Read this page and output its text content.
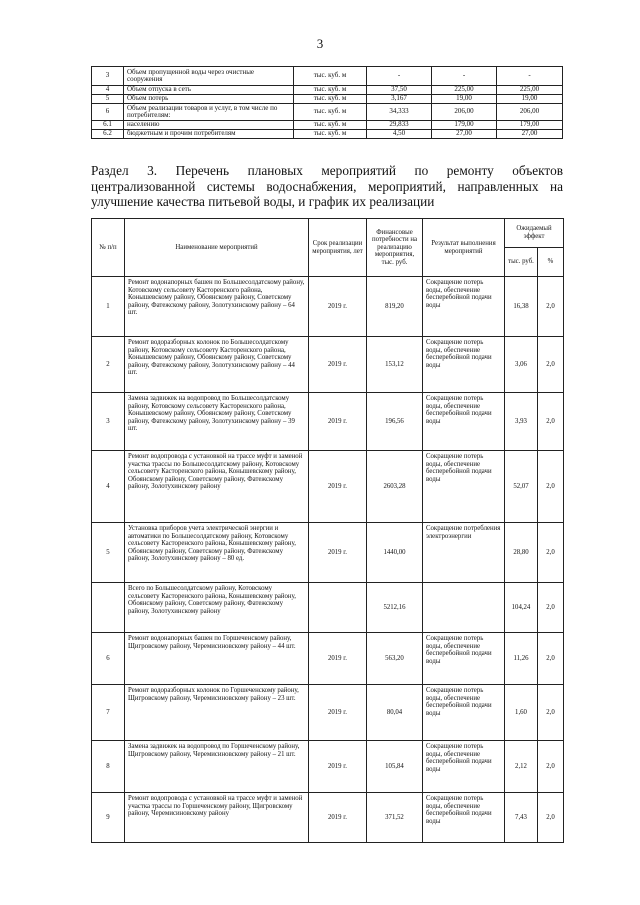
3
3	Объем пропущенной воды через очистные сооружения	тыс. куб. м	-	-	-
4	Объем отпуска в сеть	тыс. куб. м	37,50	225,00	225,00
5	Объем потерь	тыс. куб. м	3,167	19,00	19,00
6	Объем реализации товаров и услуг, в том числе по потребителям:	тыс. куб. м	34,333	206,00	206,00
6.1	населению	тыс. куб. м	29,833	179,00	179,00
6.2	бюджетным и прочим потребителям	тыс. куб. м	4,50	27,00	27,00
Раздел 3. Перечень плановых мероприятий по ремонту объектов
централизованной системы водоснабжения, мероприятий, направленных на
улучшение качества питьевой воды, и график их реализации
№ п/п	Наименование мероприятий	Срок реализации мероприятия, лет	Финансовые потребности на реализацию мероприятия, тыс. руб.	Результат выполнения мероприятий	Ожидаемый эффект	
					тыс. руб.	%
1	Ремонт водонапорных башен по Большесолдатскому району, Котовскому сельсовету Касторенского района, Конышевскому району, Обоянскому району, Советскому району, Фатежскому району, Золотухинскому району – 64 шт.	2019 г.	819,20	Сокращение потерь воды, обеспечение бесперебойной подачи воды	16,38	2,0
2	Ремонт водоразборных колонок по Большесолдатскому району, Котовскому сельсовету Касторенского района, Конышевскому району, Обоянскому району, Советскому району, Фатежскому району, Золотухинскому району – 44 шт.	2019 г.	153,12	Сокращение потерь воды, обеспечение бесперебойной подачи воды	3,06	2,0
3	Замена задвижек на водопровод по Большесолдатскому району, Котовскому сельсовету Касторенского района, Конышевскому району, Обоянскому району, Советскому району, Фатежскому району, Золотухинскому району – 39 шт.	2019 г.	196,56	Сокращение потерь воды, обеспечение бесперебойной подачи воды	3,93	2,0
4	Ремонт водопровода с установкой на трассе муфт и заменой участка трассы по Большесолдатскому району, Котовскому сельсовету Касторенского района, Конышевскому району, Обоянскому району, Советскому району, Фатежскому району, Золотухинскому району	2019 г.	2603,28	Сокращение потерь воды, обеспечение бесперебойной подачи воды	52,07	2,0
5	Установка приборов учета электрической энергии и автоматики по Большесолдатскому району, Котовскому сельсовету Касторенского района, Конышевскому району, Обоянскому району, Советскому району, Фатежскому району, Золотухинскому району – 80 ед.	2019 г.	1440,00	Сокращение потребления электроэнергии	28,80	2,0
	Всего по Большесолдатскому району, Котовскому сельсовету Касторенского района, Конышевскому району, Обоянскому району, Советскому району, Фатежскому району, Золотухинскому району		5212,16		104,24	2,0
6	Ремонт водонапорных башен по Горшеченскому району, Щигровскому району, Черемисиновскому району – 44 шт.	2019 г.	563,20	Сокращение потерь воды, обеспечение бесперебойной подачи воды	11,26	2,0
7	Ремонт водоразборных колонок по Горшеченскому району, Щигровскому району, Черемисиновскому району – 23 шт.	2019 г.	80,04	Сокращение потерь воды, обеспечение бесперебойной подачи воды	1,60	2,0
8	Замена задвижек на водопровод по Горшеченскому району, Щигровскому району, Черемисиновскому району – 21 шт.	2019 г.	105,84	Сокращение потерь воды, обеспечение бесперебойной подачи воды	2,12	2,0
9	Ремонт водопровода с установкой на трассе муфт и заменой участка трассы по Горшеченскому району, Щигровскому району, Черемисиновскому району	2019 г.	371,52	Сокращение потерь воды, обеспечение бесперебойной подачи воды	7,43	2,0
